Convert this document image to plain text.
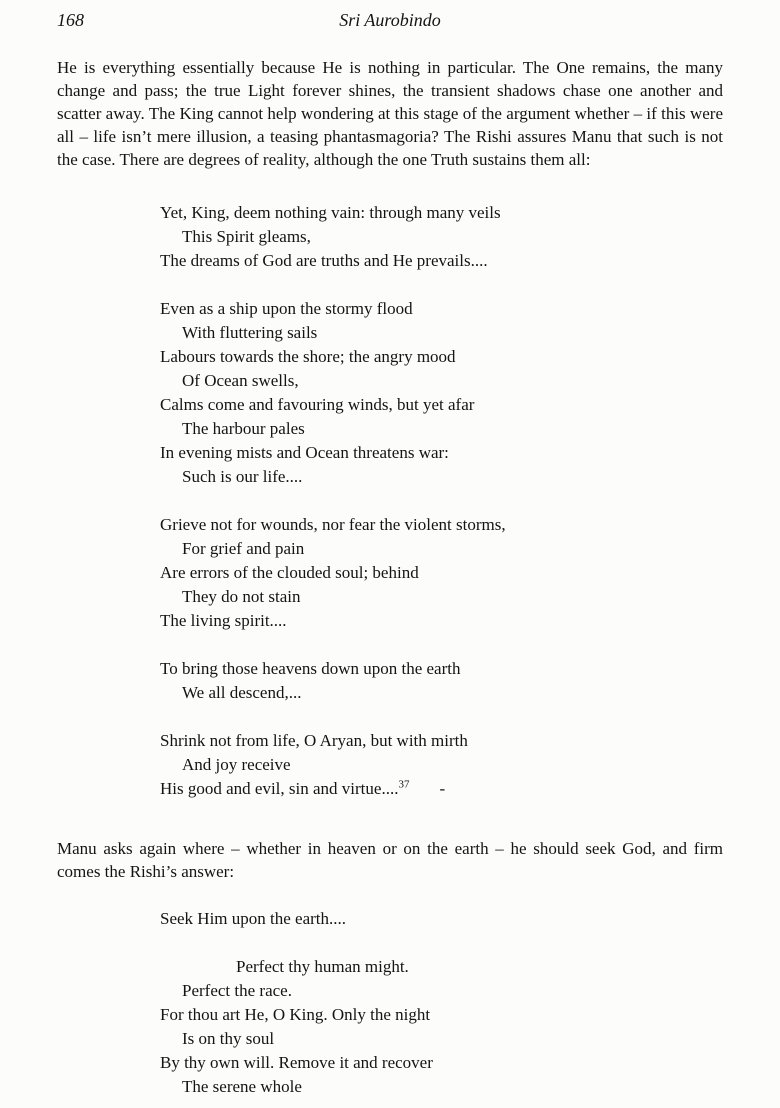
168	Sri Aurobindo

He is everything essentially because He is nothing in particular. The One remains, the many change and pass; the true Light forever shines, the transient shadows chase one another and scatter away. The King cannot help wondering at this stage of the argument whether – if this were all – life isn’t mere illusion, a teasing phantasmagoria? The Rishi assures Manu that such is not the case. There are degrees of reality, although the one Truth sustains them all:

Yet, King, deem nothing vain: through many veils
This Spirit gleams,
The dreams of God are truths and He prevails....
Even as a ship upon the stormy flood
With fluttering sails
Labours towards the shore; the angry mood
Of Ocean swells,
Calms come and favouring winds, but yet afar
The harbour pales
In evening mists and Ocean threatens war:
Such is our life....
Grieve not for wounds, nor fear the violent storms,
For grief and pain
Are errors of the clouded soul; behind
They do not stain
The living spirit....
To bring those heavens down upon the earth
We all descend,...
Shrink not from life, O Aryan, but with mirth
And joy receive
His good and evil, sin and virtue....$^{37}$ -

Manu asks again where – whether in heaven or on the earth – he should seek God, and firm comes the Rishi’s answer:

Seek Him upon the earth....
Perfect thy human might.
Perfect the race.
For thou art He, O King. Only the night
Is on thy soul
By thy own will. Remove it and recover
The serene whole
